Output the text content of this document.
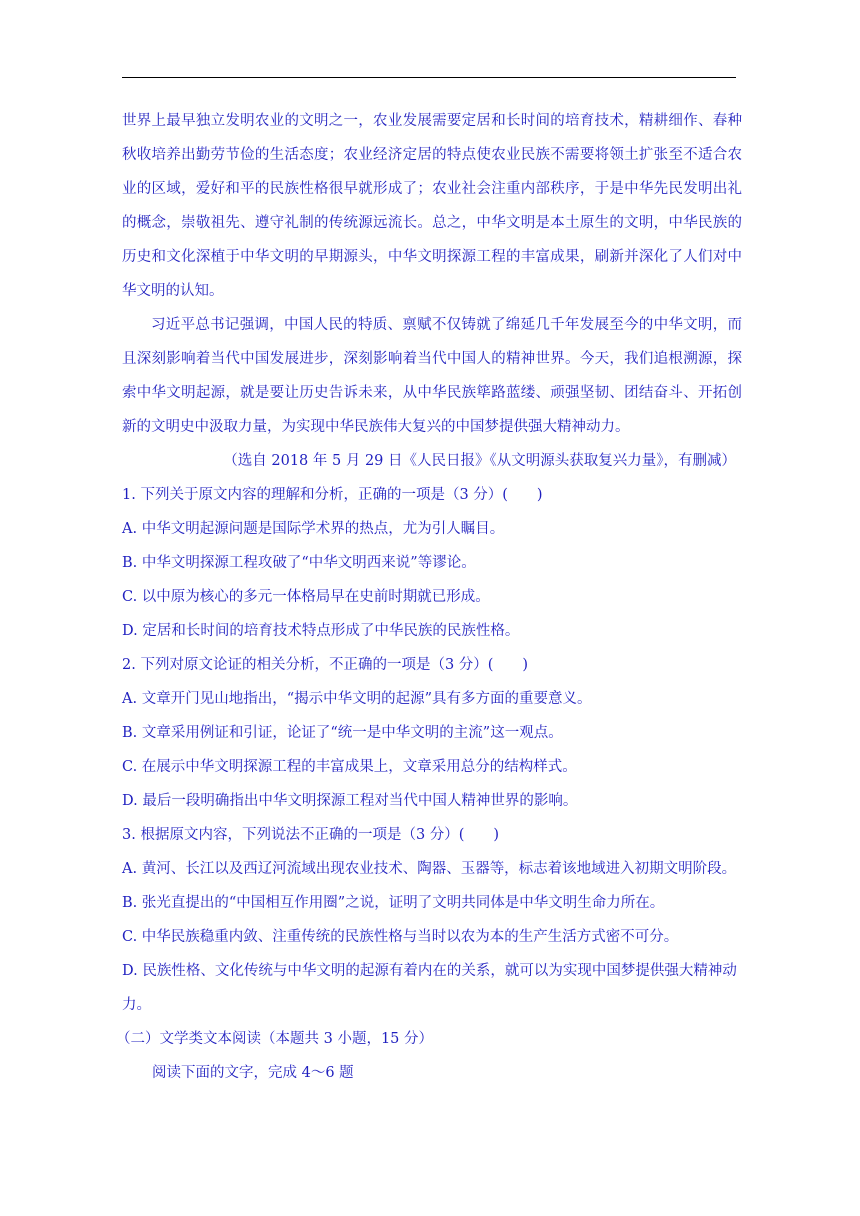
世界上最早独立发明农业的文明之一，农业发展需要定居和长时间的培育技术，精耕细作、春种秋收培养出勤劳节俭的生活态度；农业经济定居的特点使农业民族不需要将领土扩张至不适合农业的区域，爱好和平的民族性格很早就形成了；农业社会注重内部秩序，于是中华先民发明出礼的概念，崇敬祖先、遵守礼制的传统源远流长。总之，中华文明是本土原生的文明，中华民族的历史和文化深植于中华文明的早期源头，中华文明探源工程的丰富成果，刷新并深化了人们对中华文明的认知。

习近平总书记强调，中国人民的特质、禀赋不仅铸就了绵延几千年发展至今的中华文明，而且深刻影响着当代中国发展进步，深刻影响着当代中国人的精神世界。今天，我们追根溯源，探索中华文明起源，就是要让历史告诉未来，从中华民族筚路蓝缕、顽强坚韧、团结奋斗、开拓创新的文明史中汲取力量，为实现中华民族伟大复兴的中国梦提供强大精神动力。

（选自 2018 年 5 月 29 日《人民日报》《从文明源头获取复兴力量》，有删减）

1. 下列关于原文内容的理解和分析，正确的一项是（3 分）(　　)

A. 中华文明起源问题是国际学术界的热点，尤为引人瞩目。

B. 中华文明探源工程攻破了“中华文明西来说”等谬论。

C. 以中原为核心的多元一体格局早在史前时期就已形成。

D. 定居和长时间的培育技术特点形成了中华民族的民族性格。

2. 下列对原文论证的相关分析，不正确的一项是（3 分）(　　)

A. 文章开门见山地指出，“揭示中华文明的起源”具有多方面的重要意义。

B. 文章采用例证和引证，论证了“统一是中华文明的主流”这一观点。

C. 在展示中华文明探源工程的丰富成果上，文章采用总分的结构样式。

D. 最后一段明确指出中华文明探源工程对当代中国人精神世界的影响。

3. 根据原文内容，下列说法不正确的一项是（3 分）(　　)

A. 黄河、长江以及西辽河流域出现农业技术、陶器、玉器等，标志着该地域进入初期文明阶段。

B. 张光直提出的“中国相互作用圈”之说，证明了文明共同体是中华文明生命力所在。

C. 中华民族稳重内敛、注重传统的民族性格与当时以农为本的生产生活方式密不可分。

D. 民族性格、文化传统与中华文明的起源有着内在的关系，就可以为实现中国梦提供强大精神动力。

（二）文学类文本阅读（本题共 3 小题，15 分）

阅读下面的文字，完成 4～6 题
